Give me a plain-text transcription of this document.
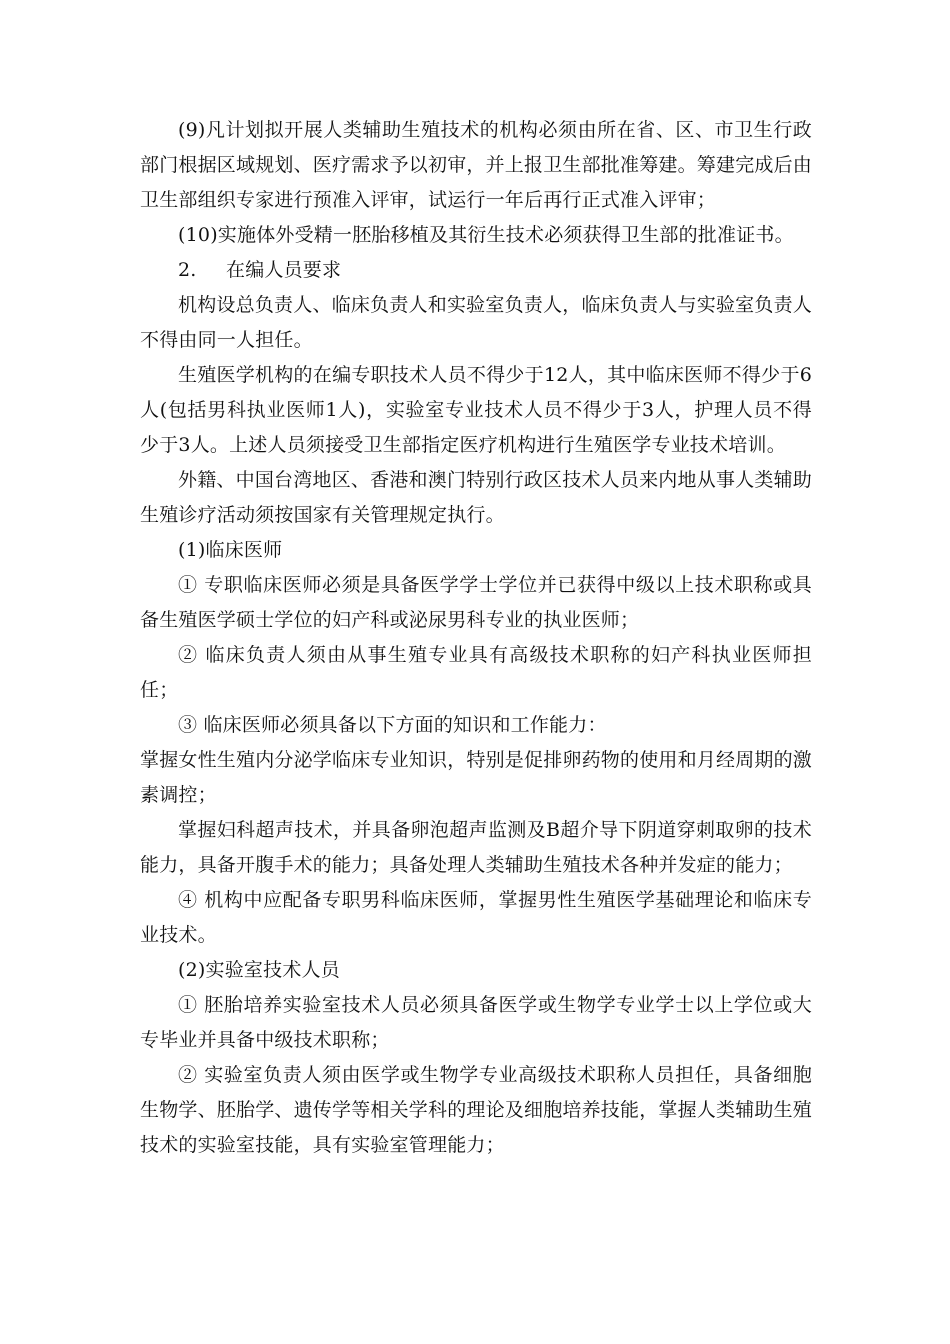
(9)凡计划拟开展人类辅助生殖技术的机构必须由所在省、区、市卫生行政部门根据区域规划、医疗需求予以初审，并上报卫生部批准筹建。筹建完成后由卫生部组织专家进行预准入评审，试运行一年后再行正式准入评审；

(10)实施体外受精一胚胎移植及其衍生技术必须获得卫生部的批准证书。

2. 在编人员要求

机构设总负责人、临床负责人和实验室负责人，临床负责人与实验室负责人不得由同一人担任。

生殖医学机构的在编专职技术人员不得少于12人，其中临床医师不得少于6人(包括男科执业医师1人)，实验室专业技术人员不得少于3人，护理人员不得少于3人。上述人员须接受卫生部指定医疗机构进行生殖医学专业技术培训。

外籍、中国台湾地区、香港和澳门特别行政区技术人员来内地从事人类辅助生殖诊疗活动须按国家有关管理规定执行。

(1)临床医师

① 专职临床医师必须是具备医学学士学位并已获得中级以上技术职称或具备生殖医学硕士学位的妇产科或泌尿男科专业的执业医师；

② 临床负责人须由从事生殖专业具有高级技术职称的妇产科执业医师担任；

③ 临床医师必须具备以下方面的知识和工作能力：

掌握女性生殖内分泌学临床专业知识，特别是促排卵药物的使用和月经周期的激素调控；

掌握妇科超声技术，并具备卵泡超声监测及B超介导下阴道穿刺取卵的技术能力，具备开腹手术的能力；具备处理人类辅助生殖技术各种并发症的能力；

④ 机构中应配备专职男科临床医师，掌握男性生殖医学基础理论和临床专业技术。

(2)实验室技术人员

① 胚胎培养实验室技术人员必须具备医学或生物学专业学士以上学位或大专毕业并具备中级技术职称；

② 实验室负责人须由医学或生物学专业高级技术职称人员担任，具备细胞生物学、胚胎学、遗传学等相关学科的理论及细胞培养技能，掌握人类辅助生殖技术的实验室技能，具有实验室管理能力；
